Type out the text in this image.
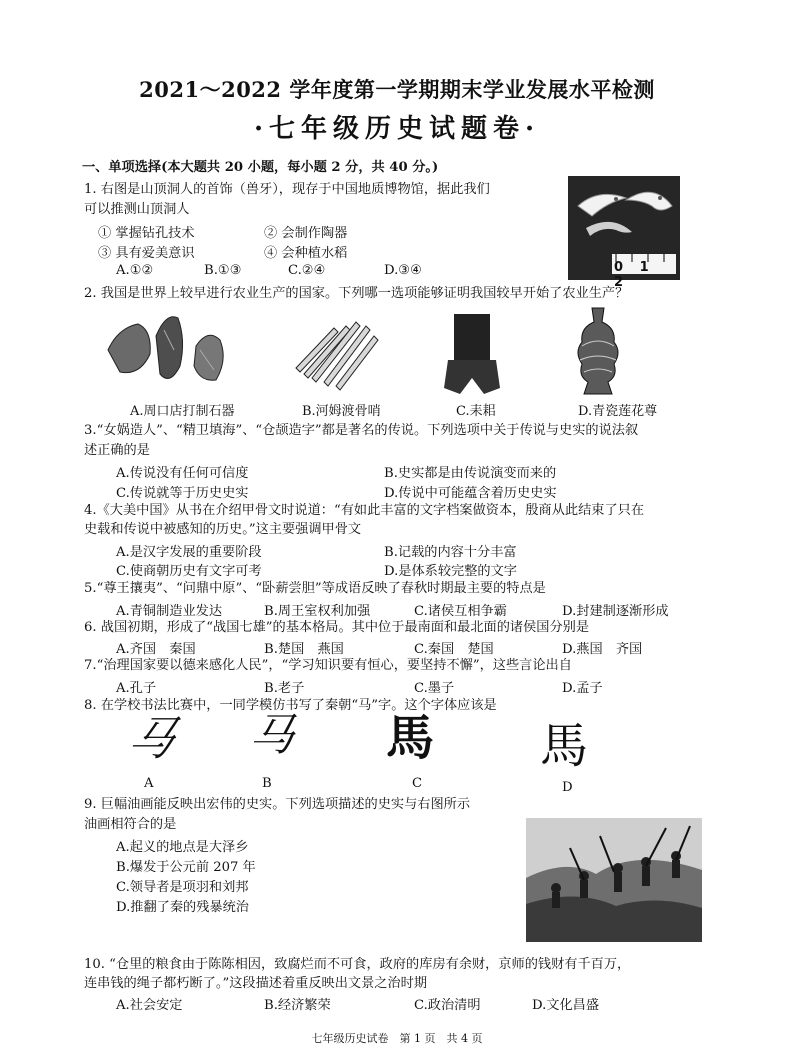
2021～2022 学年度第一学期期末学业发展水平检测
·七年级历史试题卷·
一、单项选择(本大题共 20 小题，每小题 2 分，共 40 分。)
1. 右图是山顶洞人的首饰（兽牙），现存于中国地质博物馆，据此我们
可以推测山顶洞人
① 掌握钻孔技术	② 会制作陶器
③ 具有爱美意识	④ 会种植水稻
A.①②	B.①③	C.②④	D.③④	0 1 2
2. 我国是世界上较早进行农业生产的国家。下列哪一选项能够证明我国较早开始了农业生产？
A.周口店打制石器	B.河姆渡骨哨	C.耒耜	D.青瓷莲花尊
3.“女娲造人”、“精卫填海”、“仓颉造字”都是著名的传说。下列选项中关于传说与史实的说法叙
述正确的是
A.传说没有任何可信度	B.史实都是由传说演变而来的
C.传说就等于历史史实	D.传说中可能蕴含着历史史实
4.《大美中国》从书在介绍甲骨文时说道：“有如此丰富的文字档案做资本，殷商从此结束了只在
史载和传说中被感知的历史。”这主要强调甲骨文
A.是汉字发展的重要阶段	B.记载的内容十分丰富
C.使商朝历史有文字可考	D.是体系较完整的文字
5.“尊王攘夷”、“问鼎中原”、“卧薪尝胆”等成语反映了春秋时期最主要的特点是
A.青铜制造业发达	B.周王室权利加强	C.诸侯互相争霸	D.封建制逐渐形成
6. 战国初期，形成了“战国七雄”的基本格局。其中位于最南面和最北面的诸侯国分别是
A.齐国　秦国	B.楚国　燕国	C.秦国　楚国	D.燕国　齐国
7.“治理国家要以德来感化人民”，“学习知识要有恒心，要坚持不懈”，这些言论出自
A.孔子	B.老子	C.墨子	D.孟子
8. 在学校书法比赛中，一同学模仿书写了秦朝“马”字。这个字体应该是
马 马 馬 馬
A	B	C	D
9. 巨幅油画能反映出宏伟的史实。下列选项描述的史实与右图所示
油画相符合的是
A.起义的地点是大泽乡
B.爆发于公元前 207 年
C.领导者是项羽和刘邦
D.推翻了秦的残暴统治
10. “仓里的粮食由于陈陈相因，致腐烂而不可食，政府的库房有余财，京师的钱财有千百万，
连串钱的绳子都朽断了。”这段描述着重反映出文景之治时期
A.社会安定	B.经济繁荣	C.政治清明	D.文化昌盛
七年级历史试卷　第 1 页　共 4 页
